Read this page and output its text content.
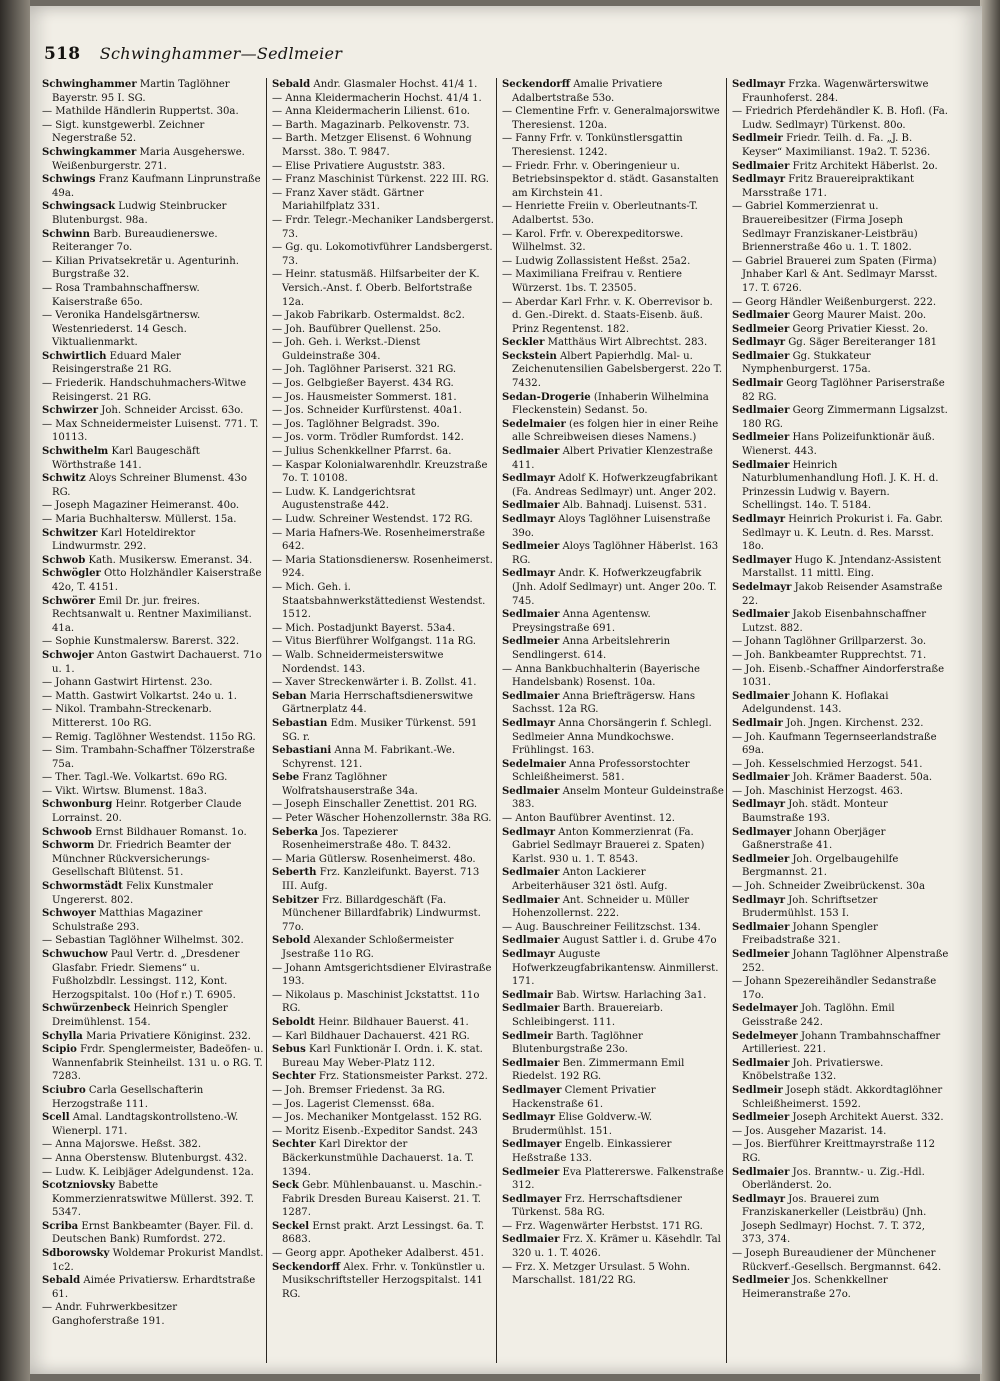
518 Schwinghammer—Sedlmeier
Schwinghammer Martin Taglöhner Bayerstr. 95 I. SG.
— Mathilde Händlerin Ruppertst. 30a.
— Sigt. kunstgewerbl. Zeichner Negerstraße 52.
Schwingkammer Maria Ausgeherswe. Weißenburgerstr. 271.
Schwings Franz Kaufmann Linprunstraße 49a.
Schwingsack Ludwig Steinbrucker Blutenburgst. 98a.
Schwinn Barb. Bureaudienerswe. Reiteranger 7o.
— Kilian Privatsekretär u. Agenturinh. Burgstraße 32.
— Rosa Trambahnschaffnersw. Kaiserstraße 65o.
— Veronika Handelsgärtnersw. Westenriederst. 14 Gesch. Viktualienmarkt.
Schwirtlich Eduard Maler Reisingerstraße 21 RG.
— Friederik. Handschuhmachers-Witwe Reisingerst. 21 RG.
Schwirzer Joh. Schneider Arcisst. 63o.
— Max Schneidermeister Luisenst. 771. T. 10113.
Schwithelm Karl Baugeschäft Wörthstraße 141.
Schwitz Aloys Schreiner Blumenst. 43o RG.
— Joseph Magaziner Heimeranst. 40o.
— Maria Buchhaltersw. Müllerst. 15a.
Schwitzer Karl Hoteldirektor Lindwurmstr. 292.
Schwob Kath. Musikersw. Emeranst. 34.
Schwögler Otto Holzhändler Kaiserstraße 42o, T. 4151.
Schwörer Emil Dr. jur. freires. Rechtsanwalt u. Rentner Maximilianst. 41a.
— Sophie Kunstmalersw. Barerst. 322.
Schwojer Anton Gastwirt Dachauerst. 71o u. 1.
— Johann Gastwirt Hirtenst. 23o.
— Matth. Gastwirt Volkartst. 24o u. 1.
— Nikol. Trambahn-Streckenarb. Mittererst. 10o RG.
— Remig. Taglöhner Westendst. 115o RG.
— Sim. Trambahn-Schaffner Tölzerstraße 75a.
— Ther. Tagl.-We. Volkartst. 69o RG.
— Vikt. Wirtsw. Blumenst. 18a3.
Schwonburg Heinr. Rotgerber Claude Lorrainst. 20.
Schwoob Ernst Bildhauer Romanst. 1o.
Schworm Dr. Friedrich Beamter der Münchner Rückversicherungs-Gesellschaft Blütenst. 51.
Schwormstädt Felix Kunstmaler Ungererst. 802.
Schwoyer Matthias Magaziner Schulstraße 293.
— Sebastian Taglöhner Wilhelmst. 302.
Schwuchow Paul Vertr. d. „Dresdener Glasfabr. Friedr. Siemens“ u. Fußholzbdlr. Lessingst. 112, Kont. Herzogspitalst. 10o (Hof r.) T. 6905.
Schwürzenbeck Heinrich Spengler Dreimühlenst. 154.
Schylla Maria Privatiere Königinst. 232.
Scipio Frdr. Spenglermeister, Badeöfen- u. Wannenfabrik Steinheilst. 131 u. o RG. T. 7283.
Sciubro Carla Gesellschafterin Herzogstraße 111.
Scell Amal. Landtagskontrollsteno.-W. Wienerpl. 171.
— Anna Majorswe. Heßst. 382.
— Anna Oberstensw. Blutenburgst. 432.
— Ludw. K. Leibjäger Adelgundenst. 12a.
Scotzniovsky Babette Kommerzienratswitwe Müllerst. 392. T. 5347.
Scriba Ernst Bankbeamter (Bayer. Fil. d. Deutschen Bank) Rumfordst. 272.
Sdborowsky Woldemar Prokurist Mandlst. 1c2.
Sebald Aimée Privatiersw. Erhardtstraße 61.
— Andr. Fuhrwerkbesitzer Ganghoferstraße 191.
Sebald Andr. Glasmaler Hochst. 41/4 1.
— Anna Kleidermacherin Hochst. 41/4 1.
— Anna Kleidermacherin Lilienst. 61o.
— Barth. Magazinarb. Pelkovenstr. 73.
— Barth. Metzger Elisenst. 6 Wohnung Marsst. 38o. T. 9847.
— Elise Privatiere Auguststr. 383.
— Franz Maschinist Türkenst. 222 III. RG.
— Franz Xaver städt. Gärtner Mariahilfplatz 331.
— Frdr. Telegr.-Mechaniker Landsbergerst. 73.
— Gg. qu. Lokomotivführer Landsbergerst. 73.
— Heinr. statusmäß. Hilfsarbeiter der K. Versich.-Anst. f. Oberb. Belfortstraße 12a.
— Jakob Fabrikarb. Ostermaldst. 8c2.
— Joh. Baufübrer Quellenst. 25o.
— Joh. Geh. i. Werkst.-Dienst Guldeinstraße 304.
— Joh. Taglöhner Pariserst. 321 RG.
— Jos. Gelbgießer Bayerst. 434 RG.
— Jos. Hausmeister Sommerst. 181.
— Jos. Schneider Kurfürstenst. 40a1.
— Jos. Taglöhner Belgradst. 39o.
— Jos. vorm. Trödler Rumfordst. 142.
— Julius Schenkkellner Pfarrst. 6a.
— Kaspar Kolonialwarenhdlr. Kreuzstraße 7o. T. 10108.
— Ludw. K. Landgerichtsrat Augustenstraße 442.
— Ludw. Schreiner Westendst. 172 RG.
— Maria Hafners-We. Rosenheimerstraße 642.
— Maria Stationsdienersw. Rosenheimerst. 924.
— Mich. Geh. i. Staatsbahnwerkstättedienst Westendst. 1512.
— Mich. Postadjunkt Bayerst. 53a4.
— Vitus Bierführer Wolfgangst. 11a RG.
— Walb. Schneidermeisterswitwe Nordendst. 143.
— Xaver Streckenwärter i. B. Zollst. 41.
Seban Maria Herrschaftsdienerswitwe Gärtnerplatz 44.
Sebastian Edm. Musiker Türkenst. 591 SG. r.
Sebastiani Anna M. Fabrikant.-We. Schyrenst. 121.
Sebe Franz Taglöhner Wolfratshauserstraße 34a.
— Joseph Einschaller Zenettist. 201 RG.
— Peter Wäscher Hohenzollernstr. 38a RG.
Seberka Jos. Tapezierer Rosenheimerstraße 48o. T. 8432.
— Maria Gütlersw. Rosenheimerst. 48o.
Seberth Frz. Kanzleifunkt. Bayerst. 713 III. Aufg.
Sebitzer Frz. Billardgeschäft (Fa. Münchener Billardfabrik) Lindwurmst. 77o.
Sebold Alexander Schloßermeister Jsestraße 11o RG.
— Johann Amtsgerichtsdiener Elvirastraße 193.
— Nikolaus p. Maschinist Jckstattst. 11o RG.
Seboldt Heinr. Bildhauer Bauerst. 41.
— Karl Bildhauer Dachauerst. 421 RG.
Sebus Karl Funktionär I. Ordn. i. K. stat. Bureau May Weber-Platz 112.
Sechter Frz. Stationsmeister Parkst. 272.
— Joh. Bremser Friedenst. 3a RG.
— Jos. Lagerist Clemensst. 68a.
— Jos. Mechaniker Montgelasst. 152 RG.
— Moritz Eisenb.-Expeditor Sandst. 243
Sechter Karl Direktor der Bäckerkunstmühle Dachauerst. 1a. T. 1394.
Seck Gebr. Mühlenbauanst. u. Maschin.-Fabrik Dresden Bureau Kaiserst. 21. T. 1287.
Seckel Ernst prakt. Arzt Lessingst. 6a. T. 8683.
— Georg appr. Apotheker Adalberst. 451.
Seckendorff Alex. Frhr. v. Tonkünstler u. Musikschriftsteller Herzogspitalst. 141 RG.
Seckendorff Amalie Privatiere Adalbertstraße 53o.
— Clementine Frfr. v. Generalmajorswitwe Theresienst. 120a.
— Fanny Frfr. v. Tonkünstlersgattin Theresienst. 1242.
— Friedr. Frhr. v. Oberingenieur u. Betriebsinspektor d. städt. Gasanstalten am Kirchstein 41.
— Henriette Freiin v. Oberleutnants-T. Adalbertst. 53o.
— Karol. Frfr. v. Oberexpeditorswe. Wilhelmst. 32.
— Ludwig Zollassistent Heßst. 25a2.
— Maximiliana Freifrau v. Rentiere Würzerst. 1bs. T. 23505.
— Aberdar Karl Frhr. v. K. Oberrevisor b. d. Gen.-Direkt. d. Staats-Eisenb. äuß. Prinz Regentenst. 182.
Seckler Matthäus Wirt Albrechtst. 283.
Seckstein Albert Papierhdlg. Mal- u. Zeichenutensilien Gabelsbergerst. 22o T. 7432.
Sedan-Drogerie (Inhaberin Wilhelmina Fleckenstein) Sedanst. 5o.
Sedelmaier (es folgen hier in einer Reihe alle Schreibweisen dieses Namens.)
Sedlmaier Albert Privatier Klenzestraße 411.
Sedlmayr Adolf K. Hofwerkzeugfabrikant (Fa. Andreas Sedlmayr) unt. Anger 202.
Sedlmaier Alb. Bahnadj. Luisenst. 531.
Sedlmayr Aloys Taglöhner Luisenstraße 39o.
Sedlmeier Aloys Taglöhner Häberlst. 163 RG.
Sedlmayr Andr. K. Hofwerkzeugfabrik (Jnh. Adolf Sedlmayr) unt. Anger 20o. T. 745.
Sedlmaier Anna Agentensw. Preysingstraße 691.
Sedlmeier Anna Arbeitslehrerin Sendlingerst. 614.
— Anna Bankbuchhalterin (Bayerische Handelsbank) Rosenst. 10a.
Sedlmaier Anna Briefträgersw. Hans Sachsst. 12a RG.
Sedlmayr Anna Chorsängerin f. Schlegl. Sedlmeier Anna Mundkochswe. Frühlingst. 163.
Sedelmaier Anna Professorstochter Schleißheimerst. 581.
Sedlmaier Anselm Monteur Guldeinstraße 383.
— Anton Baufübrer Aventinst. 12.
Sedlmayr Anton Kommerzienrat (Fa. Gabriel Sedlmayr Brauerei z. Spaten) Karlst. 930 u. 1. T. 8543.
Sedlmaier Anton Lackierer Arbeiterhäuser 321 östl. Aufg.
Sedlmaier Ant. Schneider u. Müller Hohenzollernst. 222.
— Aug. Bauschreiner Feilitzschst. 134.
Sedlmaier August Sattler i. d. Grube 47o
Sedlmayr Auguste Hofwerkzeugfabrikantensw. Ainmillerst. 171.
Sedlmair Bab. Wirtsw. Harlaching 3a1.
Sedlmaier Barth. Brauereiarb. Schleibingerst. 111.
Sedlmeir Barth. Taglöhner Blutenburgstraße 23o.
Sedlmaier Ben. Zimmermann Emil Riedelst. 192 RG.
Sedlmayer Clement Privatier Hackenstraße 61.
Sedlmayr Elise Goldverw.-W. Brudermühlst. 151.
Sedlmayer Engelb. Einkassierer Heßstraße 133.
Sedlmeier Eva Plattererswe. Falkenstraße 312.
Sedlmayer Frz. Herrschaftsdiener Türkenst. 58a RG.
— Frz. Wagenwärter Herbstst. 171 RG.
Sedlmaier Frz. X. Krämer u. Käsehdlr. Tal 320 u. 1. T. 4026.
— Frz. X. Metzger Ursulast. 5 Wohn. Marschallst. 181/22 RG.
Sedlmayr Frzka. Wagenwärterswitwe Fraunhoferst. 284.
— Friedrich Pferdehändler K. B. Hofl. (Fa. Ludw. Sedlmayr) Türkenst. 80o.
Sedlmeir Friedr. Teilh. d. Fa. „J. B. Keyser“ Maximilianst. 19a2. T. 5236.
Sedlmaier Fritz Architekt Häberlst. 2o.
Sedlmayr Fritz Brauereipraktikant Marsstraße 171.
— Gabriel Kommerzienrat u. Brauereibesitzer (Firma Joseph Sedlmayr Franziskaner-Leistbräu) Briennerstraße 46o u. 1. T. 1802.
— Gabriel Brauerei zum Spaten (Firma) Jnhaber Karl & Ant. Sedlmayr Marsst. 17. T. 6726.
— Georg Händler Weißenburgerst. 222.
Sedlmaier Georg Maurer Maist. 20o.
Sedlmeier Georg Privatier Kiesst. 2o.
Sedlmayr Gg. Säger Bereiteranger 181
Sedlmaier Gg. Stukkateur Nymphenburgerst. 175a.
Sedlmair Georg Taglöhner Pariserstraße 82 RG.
Sedlmaier Georg Zimmermann Ligsalzst. 180 RG.
Sedlmeier Hans Polizeifunktionär äuß. Wienerst. 443.
Sedlmaier Heinrich Naturblumenhandlung Hofl. J. K. H. d. Prinzessin Ludwig v. Bayern. Schellingst. 14o. T. 5184.
Sedlmayr Heinrich Prokurist i. Fa. Gabr. Sedlmayr u. K. Leutn. d. Res. Marsst. 18o.
Sedlmayer Hugo K. Jntendanz-Assistent Marstallst. 11 mittl. Eing.
Sedelmayr Jakob Reisender Asamstraße 22.
Sedlmaier Jakob Eisenbahnschaffner Lutzst. 882.
— Johann Taglöhner Grillparzerst. 3o.
— Joh. Bankbeamter Rupprechtst. 71.
— Joh. Eisenb.-Schaffner Aindorferstraße 1031.
Sedlmaier Johann K. Hoflakai Adelgundenst. 143.
Sedlmair Joh. Jngen. Kirchenst. 232.
— Joh. Kaufmann Tegernseerlandstraße 69a.
— Joh. Kesselschmied Herzogst. 541.
Sedlmaier Joh. Krämer Baaderst. 50a.
— Joh. Maschinist Herzogst. 463.
Sedlmayr Joh. städt. Monteur Baumstraße 193.
Sedlmayer Johann Oberjäger Gaßnerstraße 41.
Sedlmeier Joh. Orgelbaugehilfe Bergmannst. 21.
— Joh. Schneider Zweibrückenst. 30a
Sedlmayr Joh. Schriftsetzer Brudermühlst. 153 I.
Sedlmaier Johann Spengler Freibadstraße 321.
Sedlmeier Johann Taglöhner Alpenstraße 252.
— Johann Spezereihändler Sedanstraße 17o.
Sedelmayer Joh. Taglöhn. Emil Geisstraße 242.
Sedelmeyer Johann Trambahnschaffner Artilleriest. 221.
Sedlmaier Joh. Privatierswe. Knöbelstraße 132.
Sedlmeir Joseph städt. Akkordtaglöhner Schleißheimerst. 1592.
Sedlmeier Joseph Architekt Auerst. 332.
— Jos. Ausgeher Mazarist. 14.
— Jos. Bierführer Kreittmayrstraße 112 RG.
Sedlmaier Jos. Branntw.- u. Zig.-Hdl. Oberländerst. 2o.
Sedlmayr Jos. Brauerei zum Franziskanerkeller (Leistbräu) (Jnh. Joseph Sedlmayr) Hochst. 7. T. 372, 373, 374.
— Joseph Bureaudiener der Münchener Rückverf.-Gesellsch. Bergmannst. 642.
Sedlmeier Jos. Schenkkellner Heimeranstraße 27o.
